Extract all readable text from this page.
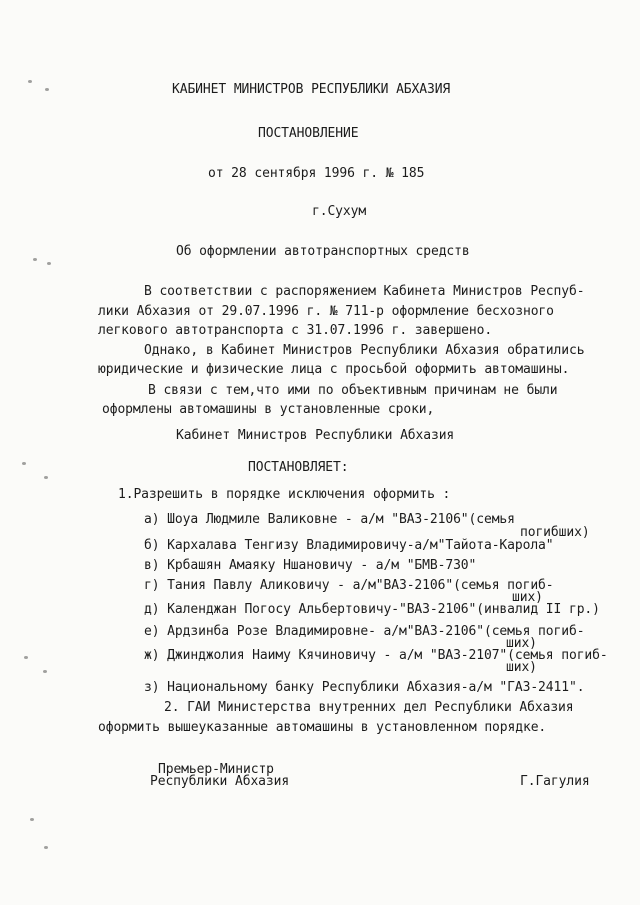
КАБИНЕТ МИНИСТРОВ РЕСПУБЛИКИ АБХАЗИЯ
ПОСТАНОВЛЕНИЕ
от 28 сентября 1996 г. № 185
г.Сухум
Об оформлении автотранспортных средств
В соответствии с распоряжением Кабинета Министров Респуб-
лики Абхазия от 29.07.1996 г. № 711-р оформление бесхозного
легкового автотранспорта с 31.07.1996 г. завершено.
Однако, в Кабинет Министров Республики Абхазия обратились
юридические и физические лица с просьбой оформить автомашины.
В связи с тем,что ими по объективным причинам не были
оформлены автомашины в установленные сроки,
Кабинет Министров Республики Абхазия
ПОСТАНОВЛЯЕТ:
1.Разрешить в порядке исключения оформить :
а) Шоуа Людмиле Валиковне - а/м "ВАЗ-2106"(семья
погибших)
б) Кархалава Тенгизу Владимировичу-а/м"Тайота-Карола"
в) Крбашян Амаяку Ншановичу - а/м "БМВ-730"
г) Тания Павлу Аликовичу - а/м"ВАЗ-2106"(семья погиб-
ших)
д) Календжан Погосу Альбертовичу-"ВАЗ-2106"(инвалид II гр.)
е) Ардзинба Розе Владимировне- а/м"ВАЗ-2106"(семья погиб-
ших)
ж) Джинджолия Наиму Кячиновичу - а/м "ВАЗ-2107"(семья погиб-
ших)
з) Национальному банку Республики Абхазия-а/м "ГАЗ-2411".
2. ГАИ Министерства внутренних дел Республики Абхазия
оформить вышеуказанные автомашины в установленном порядке.
Премьер-Министр
Республики Абхазия	Г.Гагулия
